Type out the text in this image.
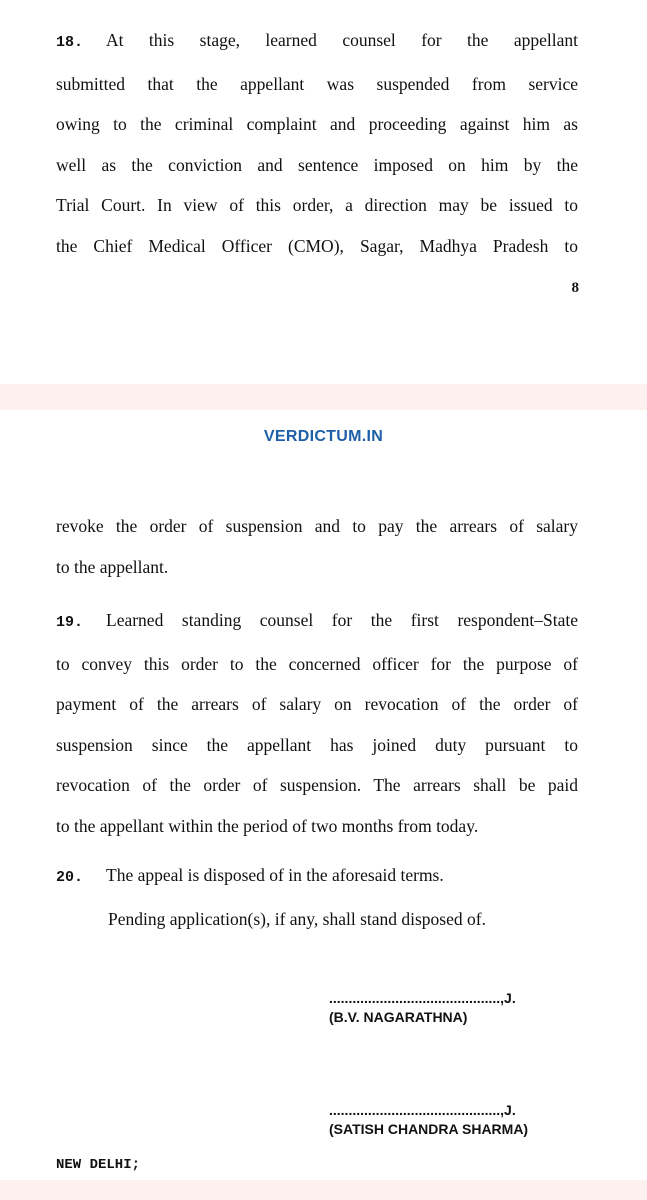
18. At this stage, learned counsel for the appellant
submitted that the appellant was suspended from service
owing to the criminal complaint and proceeding against him as
well as the conviction and sentence imposed on him by the
Trial Court. In view of this order, a direction may be issued to
the Chief Medical Officer (CMO), Sagar, Madhya Pradesh to
8
VERDICTUM.IN
revoke the order of suspension and to pay the arrears of salary
to the appellant.
19. Learned standing counsel for the first respondent–State
to convey this order to the concerned officer for the purpose of
payment of the arrears of salary on revocation of the order of
suspension since the appellant has joined duty pursuant to
revocation of the order of suspension. The arrears shall be paid
to the appellant within the period of two months from today.
20. The appeal is disposed of in the aforesaid terms.
Pending application(s), if any, shall stand disposed of.
............................................,J.
(B.V. NAGARATHNA)
............................................,J.
(SATISH CHANDRA SHARMA)
NEW DELHI;
